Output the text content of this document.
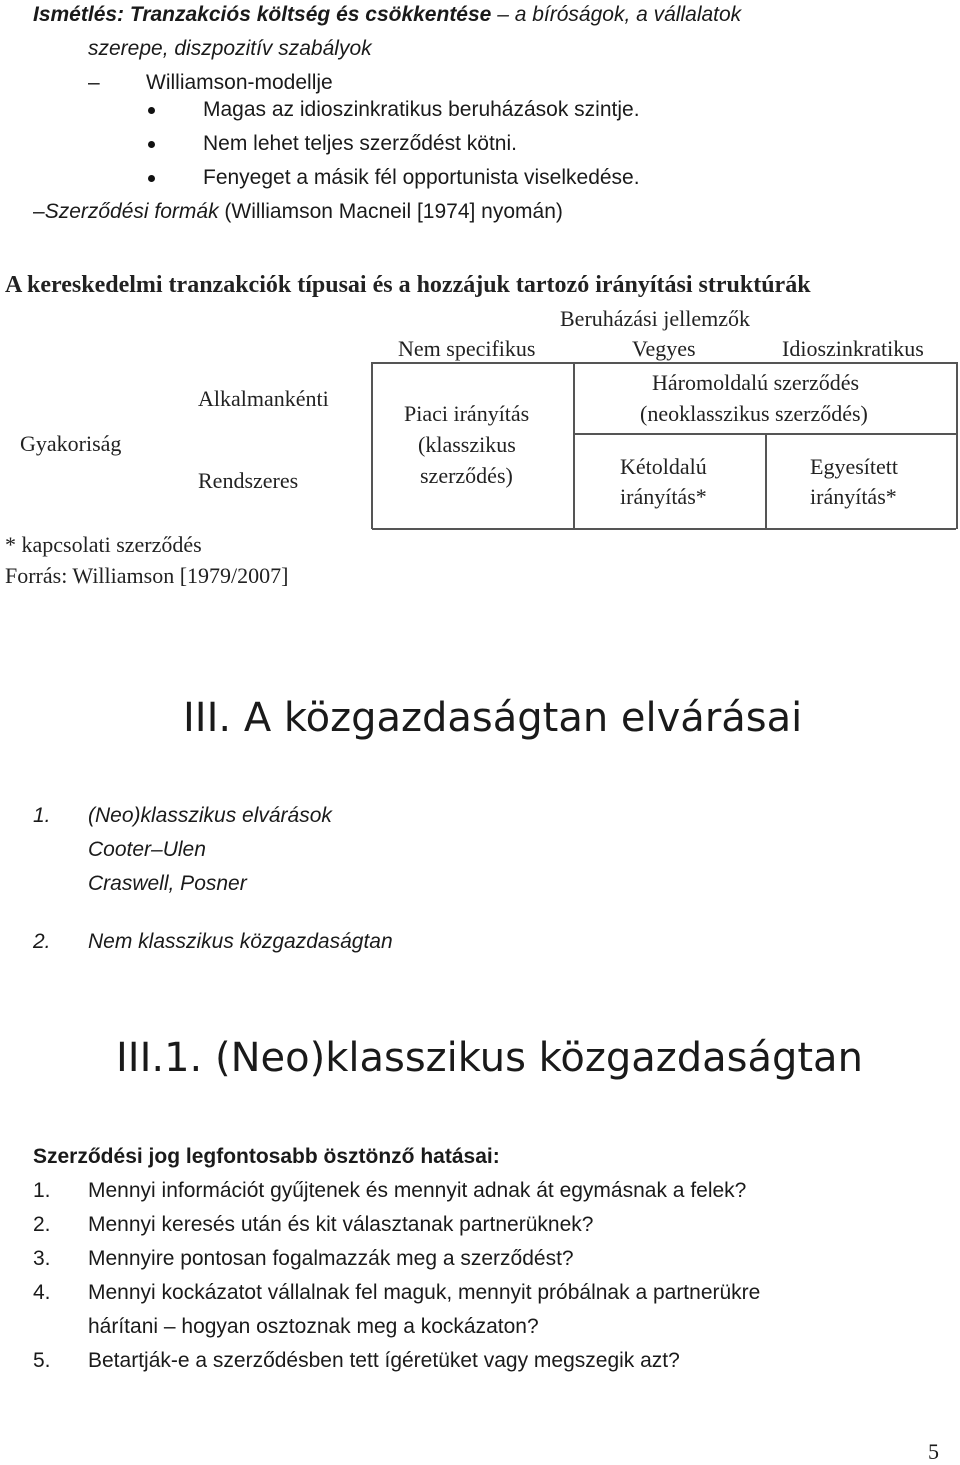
Ismétlés: Tranzakciós költség és csökkentése – a bíróságok, a vállalatok
szerepe, diszpozitív szabályok
– Williamson-modellje
Magas az idioszinkratikus beruházások szintje.
Nem lehet teljes szerződést kötni.
Fenyeget a másik fél opportunista viselkedése.
–Szerződési formák (Williamson Macneil [1974] nyomán)
A kereskedelmi tranzakciók típusai és a hozzájuk tartozó irányítási struktúrák
Beruházási jellemzők
Nem specifikus	Vegyes	Idioszinkratikus
Alkalmankénti
Gyakoriság
Rendszeres
Piaci irányítás
(klasszikus
szerződés)
Háromoldalú szerződés
(neoklasszikus szerződés)
Kétoldalú
irányítás*
Egyesített
irányítás*
* kapcsolati szerződés
Forrás: Williamson [1979/2007]
III. A közgazdaságtan elvárásai
1. (Neo)klasszikus elvárások
Cooter–Ulen
Craswell, Posner
2. Nem klasszikus közgazdaságtan
III.1. (Neo)klasszikus közgazdaságtan
Szerződési jog legfontosabb ösztönző hatásai:
1. Mennyi információt gyűjtenek és mennyit adnak át egymásnak a felek?
2. Mennyi keresés után és kit választanak partnerüknek?
3. Mennyire pontosan fogalmazzák meg a szerződést?
4. Mennyi kockázatot vállalnak fel maguk, mennyit próbálnak a partnerükre
hárítani – hogyan osztoznak meg a kockázaton?
5. Betartják-e a szerződésben tett ígéretüket vagy megszegik azt?
5
